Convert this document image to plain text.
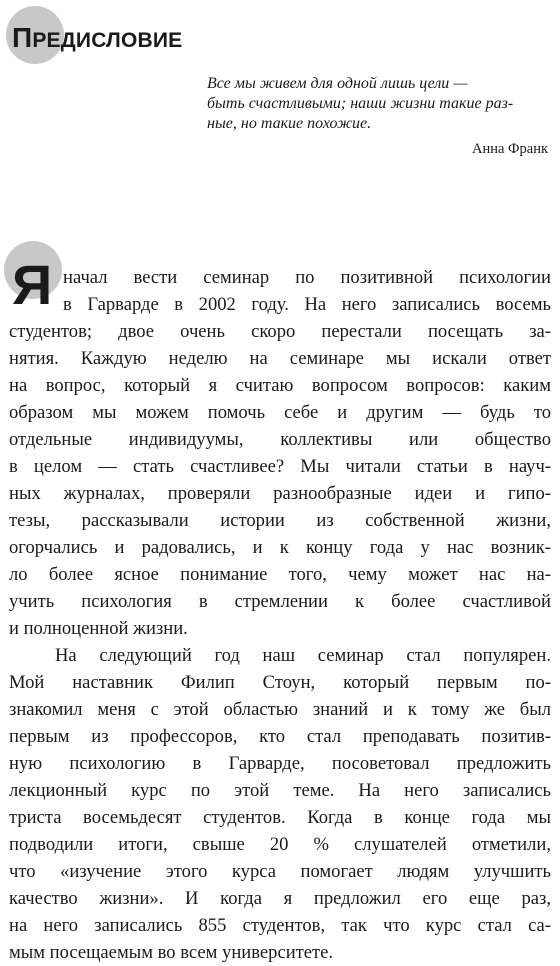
ПРЕДИСЛОВИЕ
Все мы живем для одной лишь цели —
быть счастливыми; наши жизни такие раз-
ные, но такие похожие.
Анна Франк
Я начал вести семинар по позитивной психологии
в Гарварде в 2002 году. На него записались восемь
студентов; двое очень скоро перестали посещать за-
нятия. Каждую неделю на семинаре мы искали ответ
на вопрос, который я считаю вопросом вопросов: каким
образом мы можем помочь себе и другим — будь то
отдельные индивидуумы, коллективы или общество
в целом — стать счастливее? Мы читали статьи в науч-
ных журналах, проверяли разнообразные идеи и гипо-
тезы, рассказывали истории из собственной жизни,
огорчались и радовались, и к концу года у нас возник-
ло более ясное понимание того, чему может нас на-
учить психология в стремлении к более счастливой
и полноценной жизни.
На следующий год наш семинар стал популярен.
Мой наставник Филип Стоун, который первым по-
знакомил меня с этой областью знаний и к тому же был
первым из профессоров, кто стал преподавать позитив-
ную психологию в Гарварде, посоветовал предложить
лекционный курс по этой теме. На него записались
триста восемьдесят студентов. Когда в конце года мы
подводили итоги, свыше 20 % слушателей отметили,
что «изучение этого курса помогает людям улучшить
качество жизни». И когда я предложил его еще раз,
на него записались 855 студентов, так что курс стал са-
мым посещаемым во всем университете.
